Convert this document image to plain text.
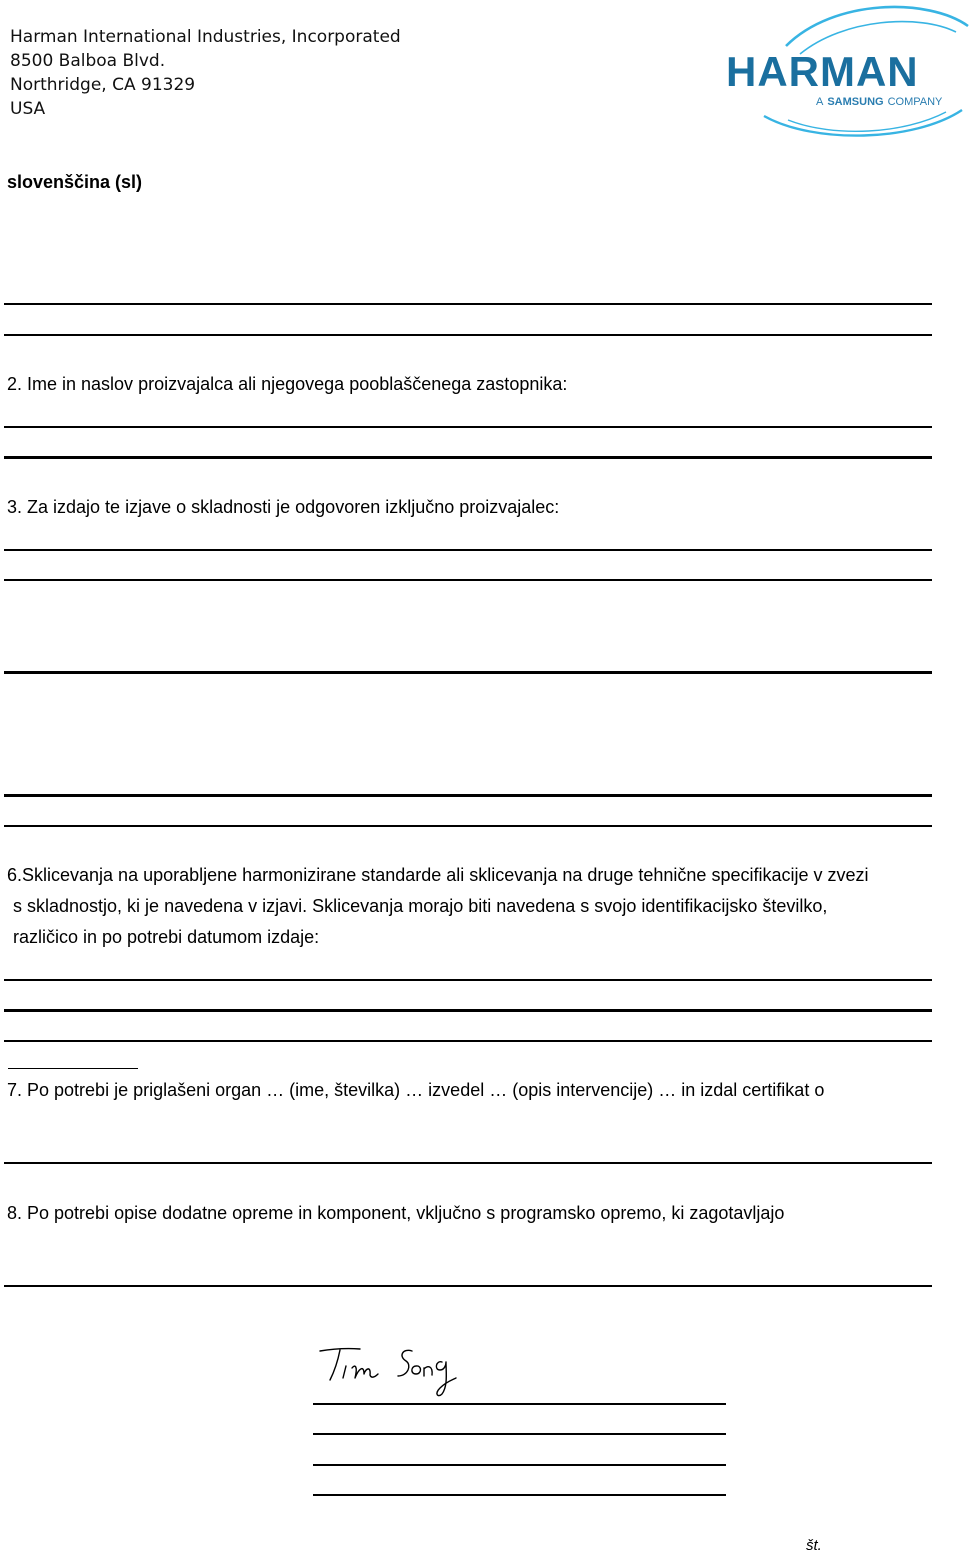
Harman International Industries, Incorporated
8500 Balboa Blvd.
Northridge, CA 91329
USA
HARMAN
A SAMSUNG COMPANY
slovenščina (sl)
2. Ime in naslov proizvajalca ali njegovega pooblaščenega zastopnika:
3. Za izdajo te izjave o skladnosti je odgovoren izključno proizvajalec:
6.Sklicevanja na uporabljene harmonizirane standarde ali sklicevanja na druge tehnične specifikacije v zvezi
s skladnostjo, ki je navedena v izjavi. Sklicevanja morajo biti navedena s svojo identifikacijsko številko,
različico in po potrebi datumom izdaje:
7. Po potrebi je priglašeni organ … (ime, številka) … izvedel … (opis intervencije) … in izdal certifikat o
8. Po potrebi opise dodatne opreme in komponent, vključno s programsko opremo, ki zagotavljajo
št.
